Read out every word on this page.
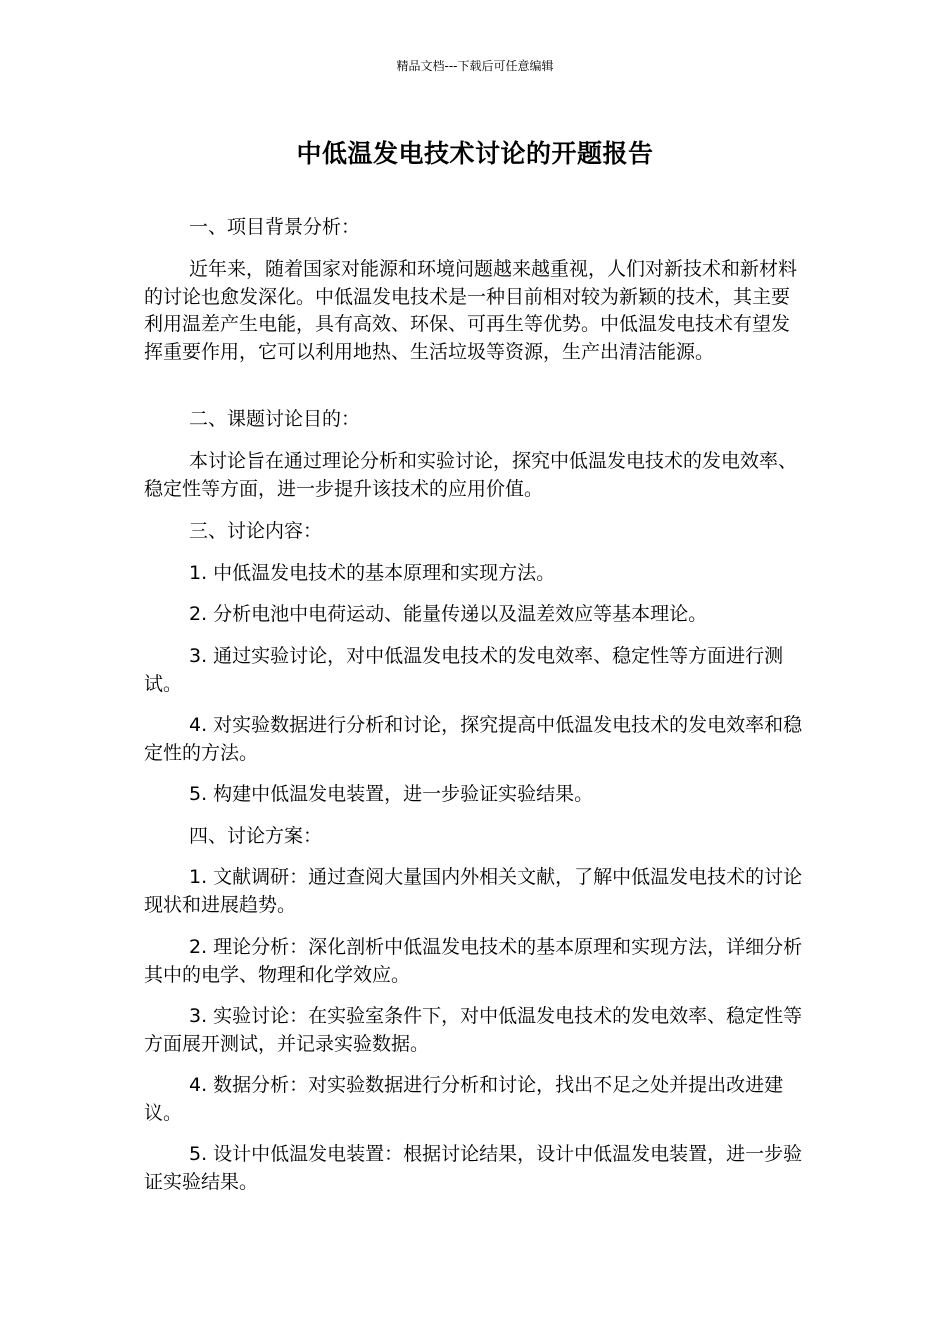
精品文档---下载后可任意编辑
中低温发电技术讨论的开题报告
一、项目背景分析：
近年来，随着国家对能源和环境问题越来越重视，人们对新技术和新材料的讨论也愈发深化。中低温发电技术是一种目前相对较为新颖的技术，其主要利用温差产生电能，具有高效、环保、可再生等优势。中低温发电技术有望发挥重要作用，它可以利用地热、生活垃圾等资源，生产出清洁能源。
二、课题讨论目的：
本讨论旨在通过理论分析和实验讨论，探究中低温发电技术的发电效率、稳定性等方面，进一步提升该技术的应用价值。
三、讨论内容：
1. 中低温发电技术的基本原理和实现方法。
2. 分析电池中电荷运动、能量传递以及温差效应等基本理论。
3. 通过实验讨论，对中低温发电技术的发电效率、稳定性等方面进行测试。
4. 对实验数据进行分析和讨论，探究提高中低温发电技术的发电效率和稳定性的方法。
5. 构建中低温发电装置，进一步验证实验结果。
四、讨论方案：
1. 文献调研：通过查阅大量国内外相关文献，了解中低温发电技术的讨论现状和进展趋势。
2. 理论分析：深化剖析中低温发电技术的基本原理和实现方法，详细分析其中的电学、物理和化学效应。
3. 实验讨论：在实验室条件下，对中低温发电技术的发电效率、稳定性等方面展开测试，并记录实验数据。
4. 数据分析：对实验数据进行分析和讨论，找出不足之处并提出改进建议。
5. 设计中低温发电装置：根据讨论结果，设计中低温发电装置，进一步验证实验结果。
